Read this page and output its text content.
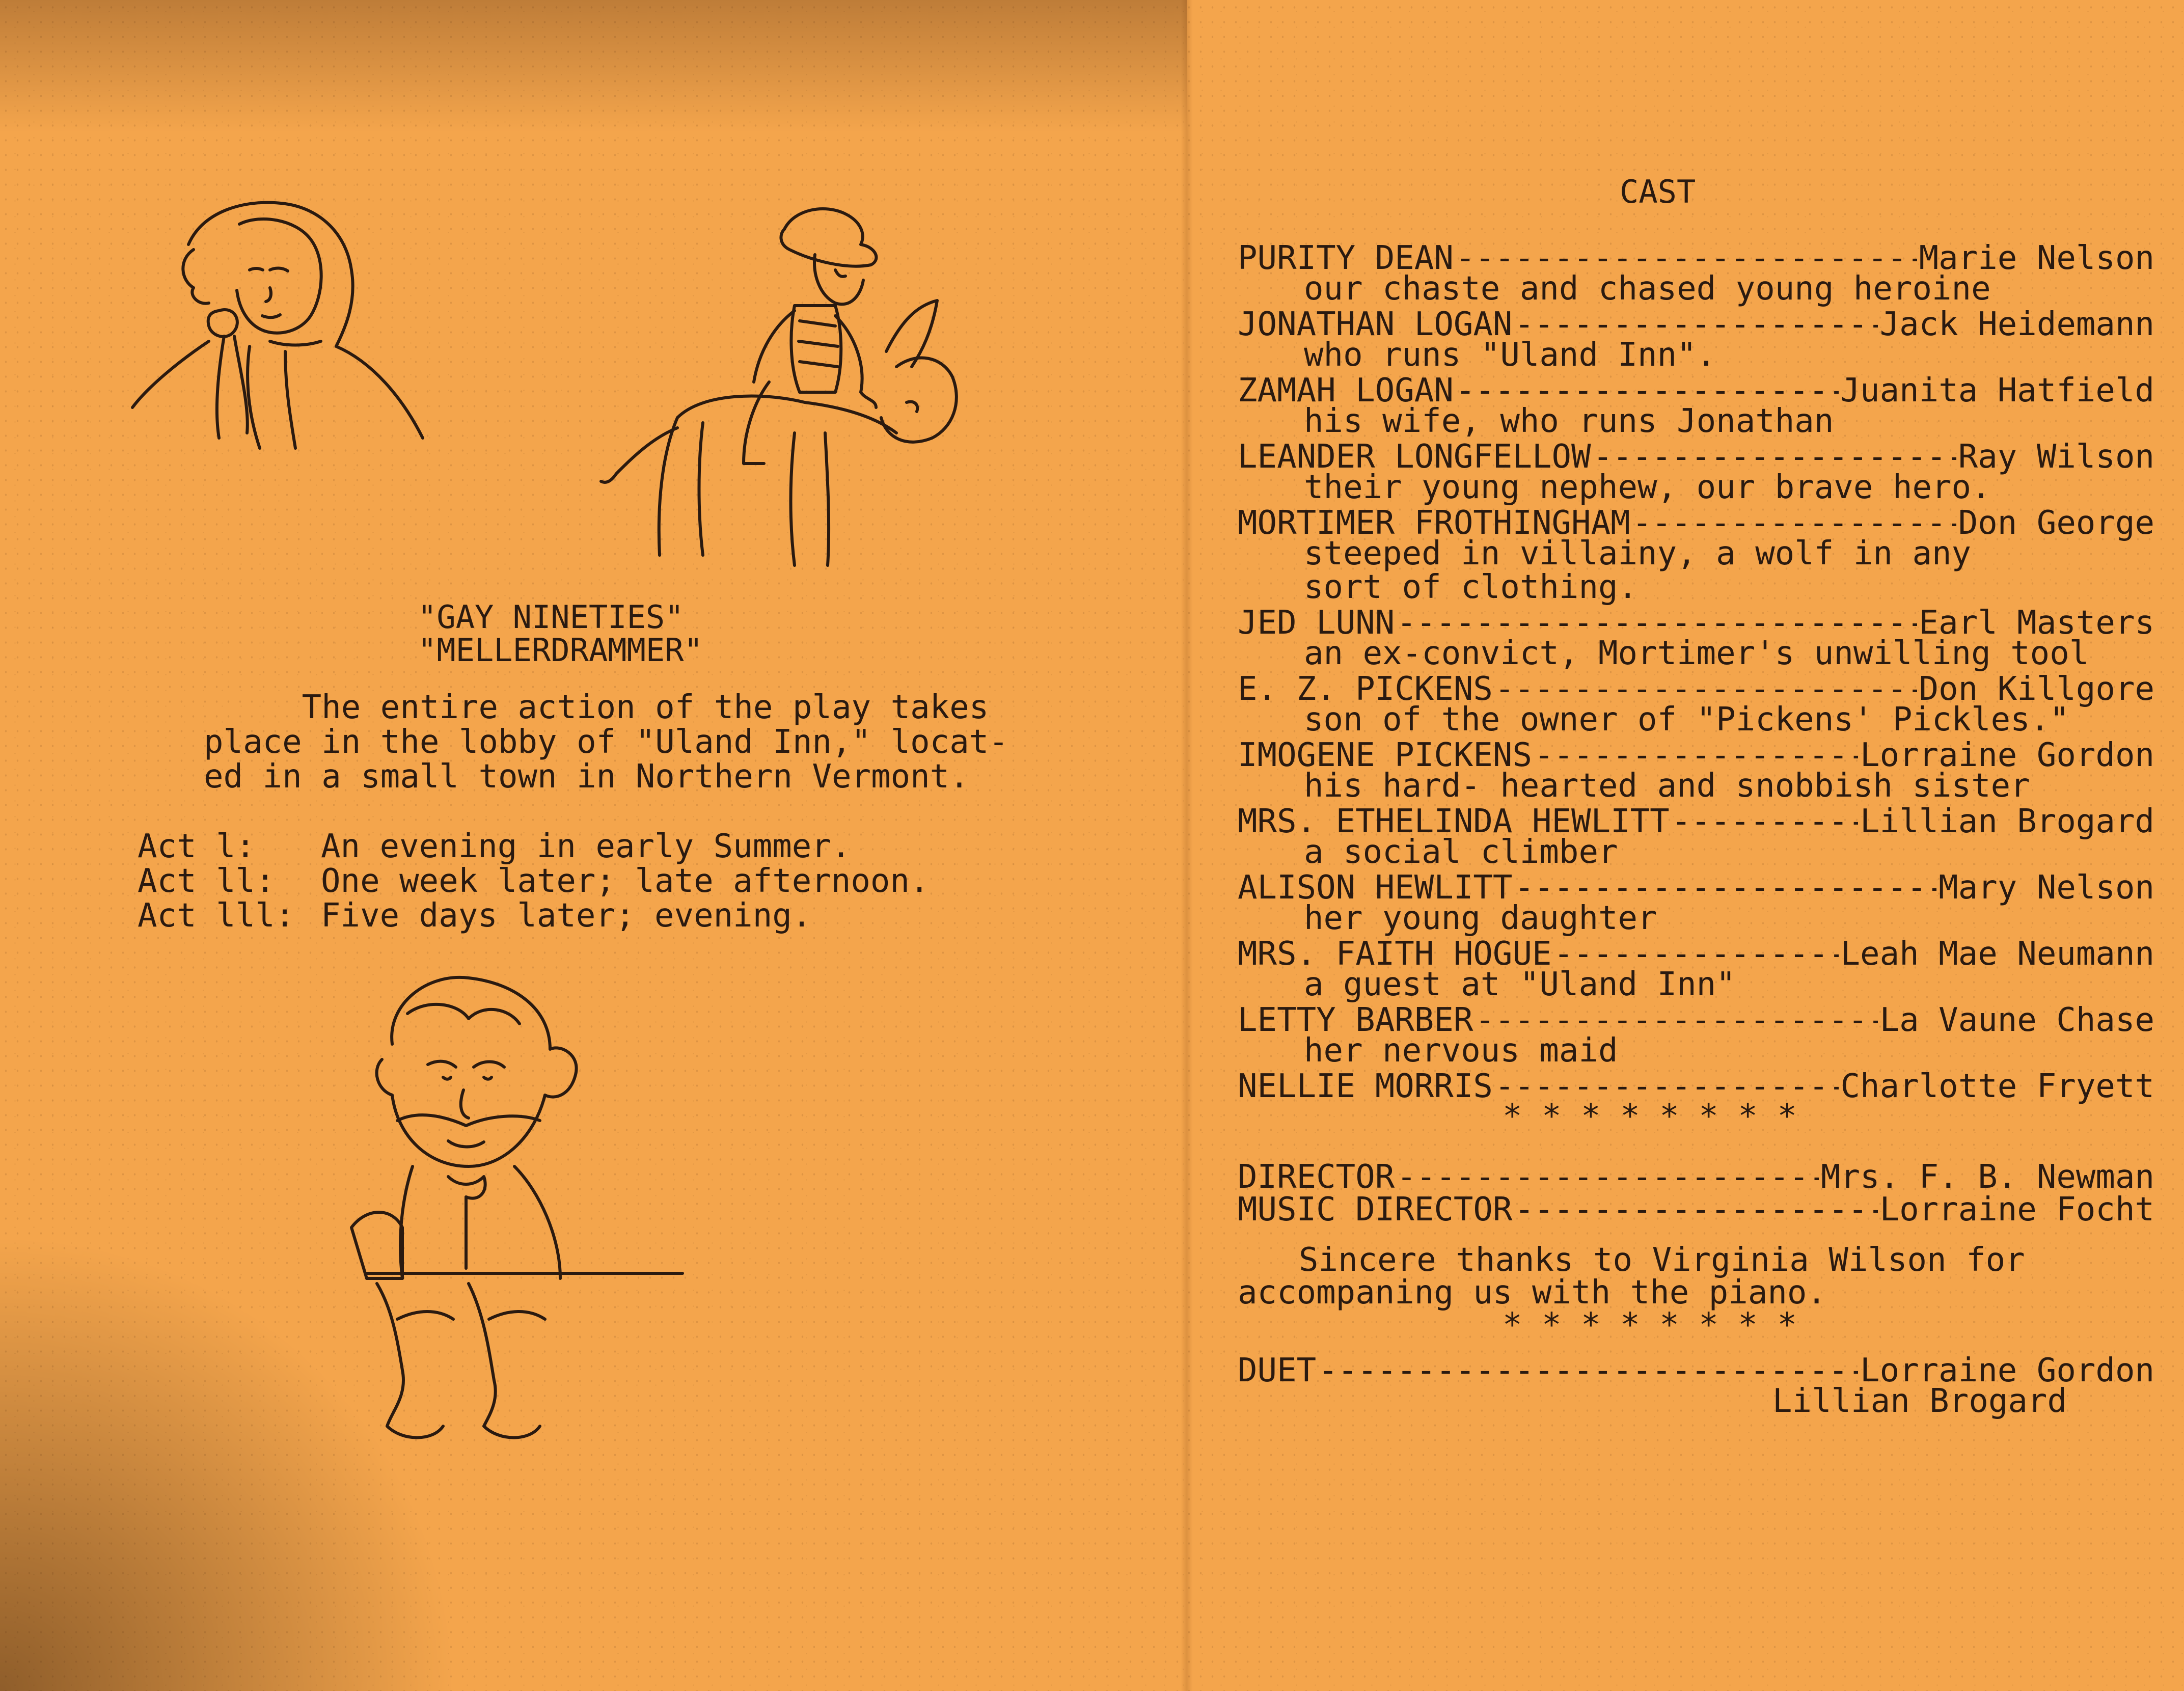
"GAY NINETIES"
"MELLERDRAMMER"
The entire action of the play takes
place in the lobby of "Uland Inn," locat-
ed in a small town in Northern Vermont.
Act l: An evening in early Summer.
Act ll: One week later; late afternoon.
Act lll: Five days later; evening.
CAST
PURITY DEAN -----	Marie Nelson
our chaste and chased young heroine
JONATHAN LOGAN -----	Jack Heidemann
who runs "Uland Inn".
ZAMAH LOGAN -----	Juanita Hatfield
his wife, who runs Jonathan
LEANDER LONGFELLOW -----	Ray Wilson
their young nephew, our brave hero.
MORTIMER FROTHINGHAM -----	Don George
steeped in villainy, a wolf in any
sort of clothing.
JED LUNN -----	Earl Masters
an ex-convict, Mortimer's unwilling tool
E. Z. PICKENS -----	Don Killgore
son of the owner of "Pickens' Pickles."
IMOGENE PICKENS -----	Lorraine Gordon
his hard- hearted and snobbish sister
MRS. ETHELINDA HEWLITT -----	Lillian Brogard
a social climber
ALISON HEWLITT -----	Mary Nelson
her young daughter
MRS. FAITH HOGUE -----	Leah Mae Neumann
a guest at "Uland Inn"
LETTY BARBER -----	La Vaune Chase
her nervous maid
NELLIE MORRIS -----	Charlotte Fryett
* * * * * * * *
DIRECTOR -----	Mrs. F. B. Newman
MUSIC DIRECTOR -----	Lorraine Focht
Sincere thanks to Virginia Wilson for
accompaning us with the piano.
* * * * * * * *
DUET -----	Lorraine Gordon
Lillian Brogard
